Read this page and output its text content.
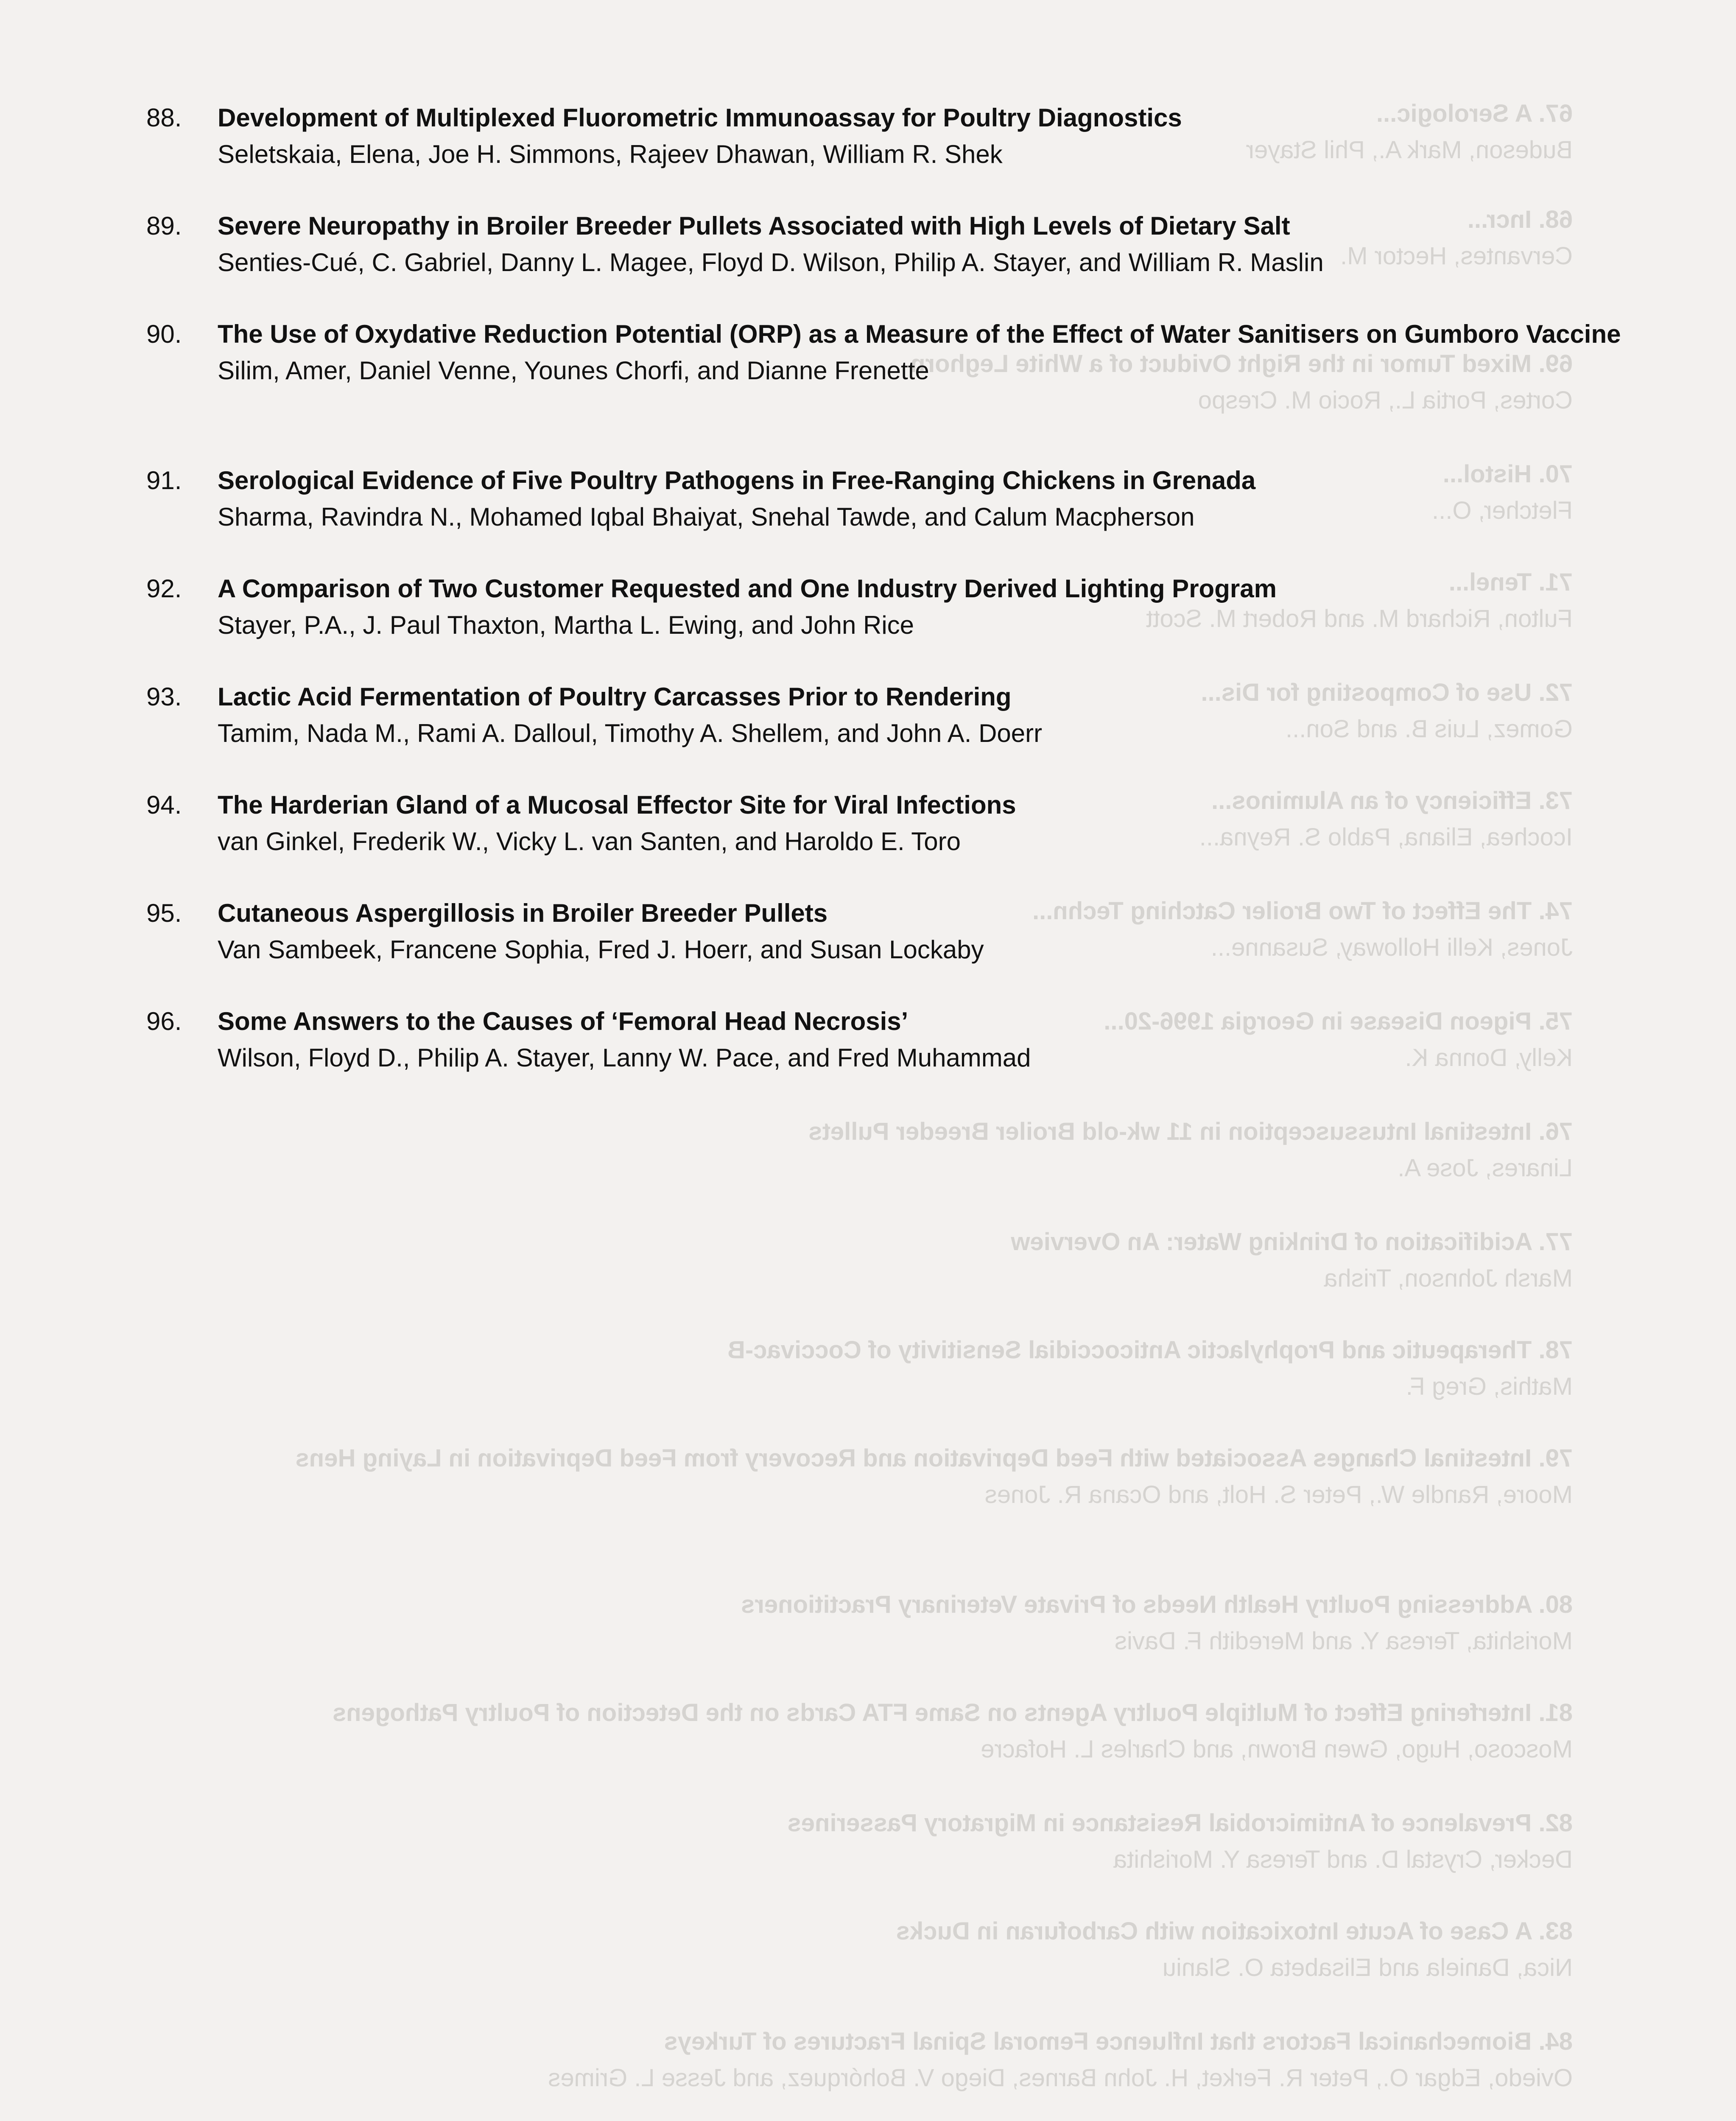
67. A Serologic...
Budeson, Mark A., Phil Stayer
68. Incr...
Cervantes, Hector M.
69. Mixed Tumor in the Right Oviduct of a White Leghorn
Cortes, Portia L., Rocio M. Crespo
70. Histol...
Fletcher, O...
71. Tenel...
Fulton, Richard M. and Robert M. Scott
72. Use of Composting for Dis...
Gomez, Luis B. and Son...
73. Efficiency of an Aluminos...
Icochea, Eliana, Pablo S. Reyna...
74. The Effect of Two Broiler Catching Techn...
Jones, Kelli Holloway, Susanne...
75. Pigeon Disease in Georgia 1996-20...
Kelly, Donna K.
76. Intestinal Intussusception in 11 wk-old Broiler Breeder Pullets
Linares, Jose A.
77. Acidification of Drinking Water: An Overview
Marsh Johnson, Trisha
78. Therapeutic and Prophylactic Anticoccidial Sensitivity of Coccivac-B
Mathis, Greg F.
79. Intestinal Changes Associated with Feed Deprivation and Recovery from Feed Deprivation in Laying Hens
Moore, Randle W., Peter S. Holt, and Ocana R. Jones
80. Addressing Poultry Health Needs of Private Veterinary Practitioners
Morishita, Teresa Y. and Meredith F. Davis
81. Interfering Effect of Multiple Poultry Agents on Same FTA Cards on the Detection of Poultry Pathogens
Moscoso, Hugo, Gwen Brown, and Charles L. Hofacre
82. Prevalence of Antimicrobial Resistance in Migratory Passerines
Decker, Crystal D. and Teresa Y. Morishita
83. A Case of Acute Intoxication with Carbofuran in Ducks
Nica, Daniela and Elisabeta O. Slaniu
84. Biomechanical Factors that Influence Femoral Spinal Fractures of Turkeys
Oviedo, Edgar O., Peter R. Ferket, H. John Barnes, Diego V. Bohórquez, and Jesse L. Grimes
88.	Development of Multiplexed Fluorometric Immunoassay for Poultry Diagnostics
Seletskaia, Elena, Joe H. Simmons, Rajeev Dhawan, William R. Shek
89.	Severe Neuropathy in Broiler Breeder Pullets Associated with High Levels of Dietary Salt
Senties-Cué, C. Gabriel, Danny L. Magee, Floyd D. Wilson, Philip A. Stayer, and William R. Maslin
90.	The Use of Oxydative Reduction Potential (ORP) as a Measure of the Effect of Water Sanitisers on Gumboro Vaccine
Silim, Amer, Daniel Venne, Younes Chorfi, and Dianne Frenette
91.	Serological Evidence of Five Poultry Pathogens in Free-Ranging Chickens in Grenada
Sharma, Ravindra N., Mohamed Iqbal Bhaiyat, Snehal Tawde, and Calum Macpherson
92.	A Comparison of Two Customer Requested and One Industry Derived Lighting Program
Stayer, P.A., J. Paul Thaxton, Martha L. Ewing, and John Rice
93.	Lactic Acid Fermentation of Poultry Carcasses Prior to Rendering
Tamim, Nada M., Rami A. Dalloul, Timothy A. Shellem, and John A. Doerr
94.	The Harderian Gland of a Mucosal Effector Site for Viral Infections
van Ginkel, Frederik W., Vicky L. van Santen, and Haroldo E. Toro
95.	Cutaneous Aspergillosis in Broiler Breeder Pullets
Van Sambeek, Francene Sophia, Fred J. Hoerr, and Susan Lockaby
96.	Some Answers to the Causes of ‘Femoral Head Necrosis’
Wilson, Floyd D., Philip A. Stayer, Lanny W. Pace, and Fred Muhammad
